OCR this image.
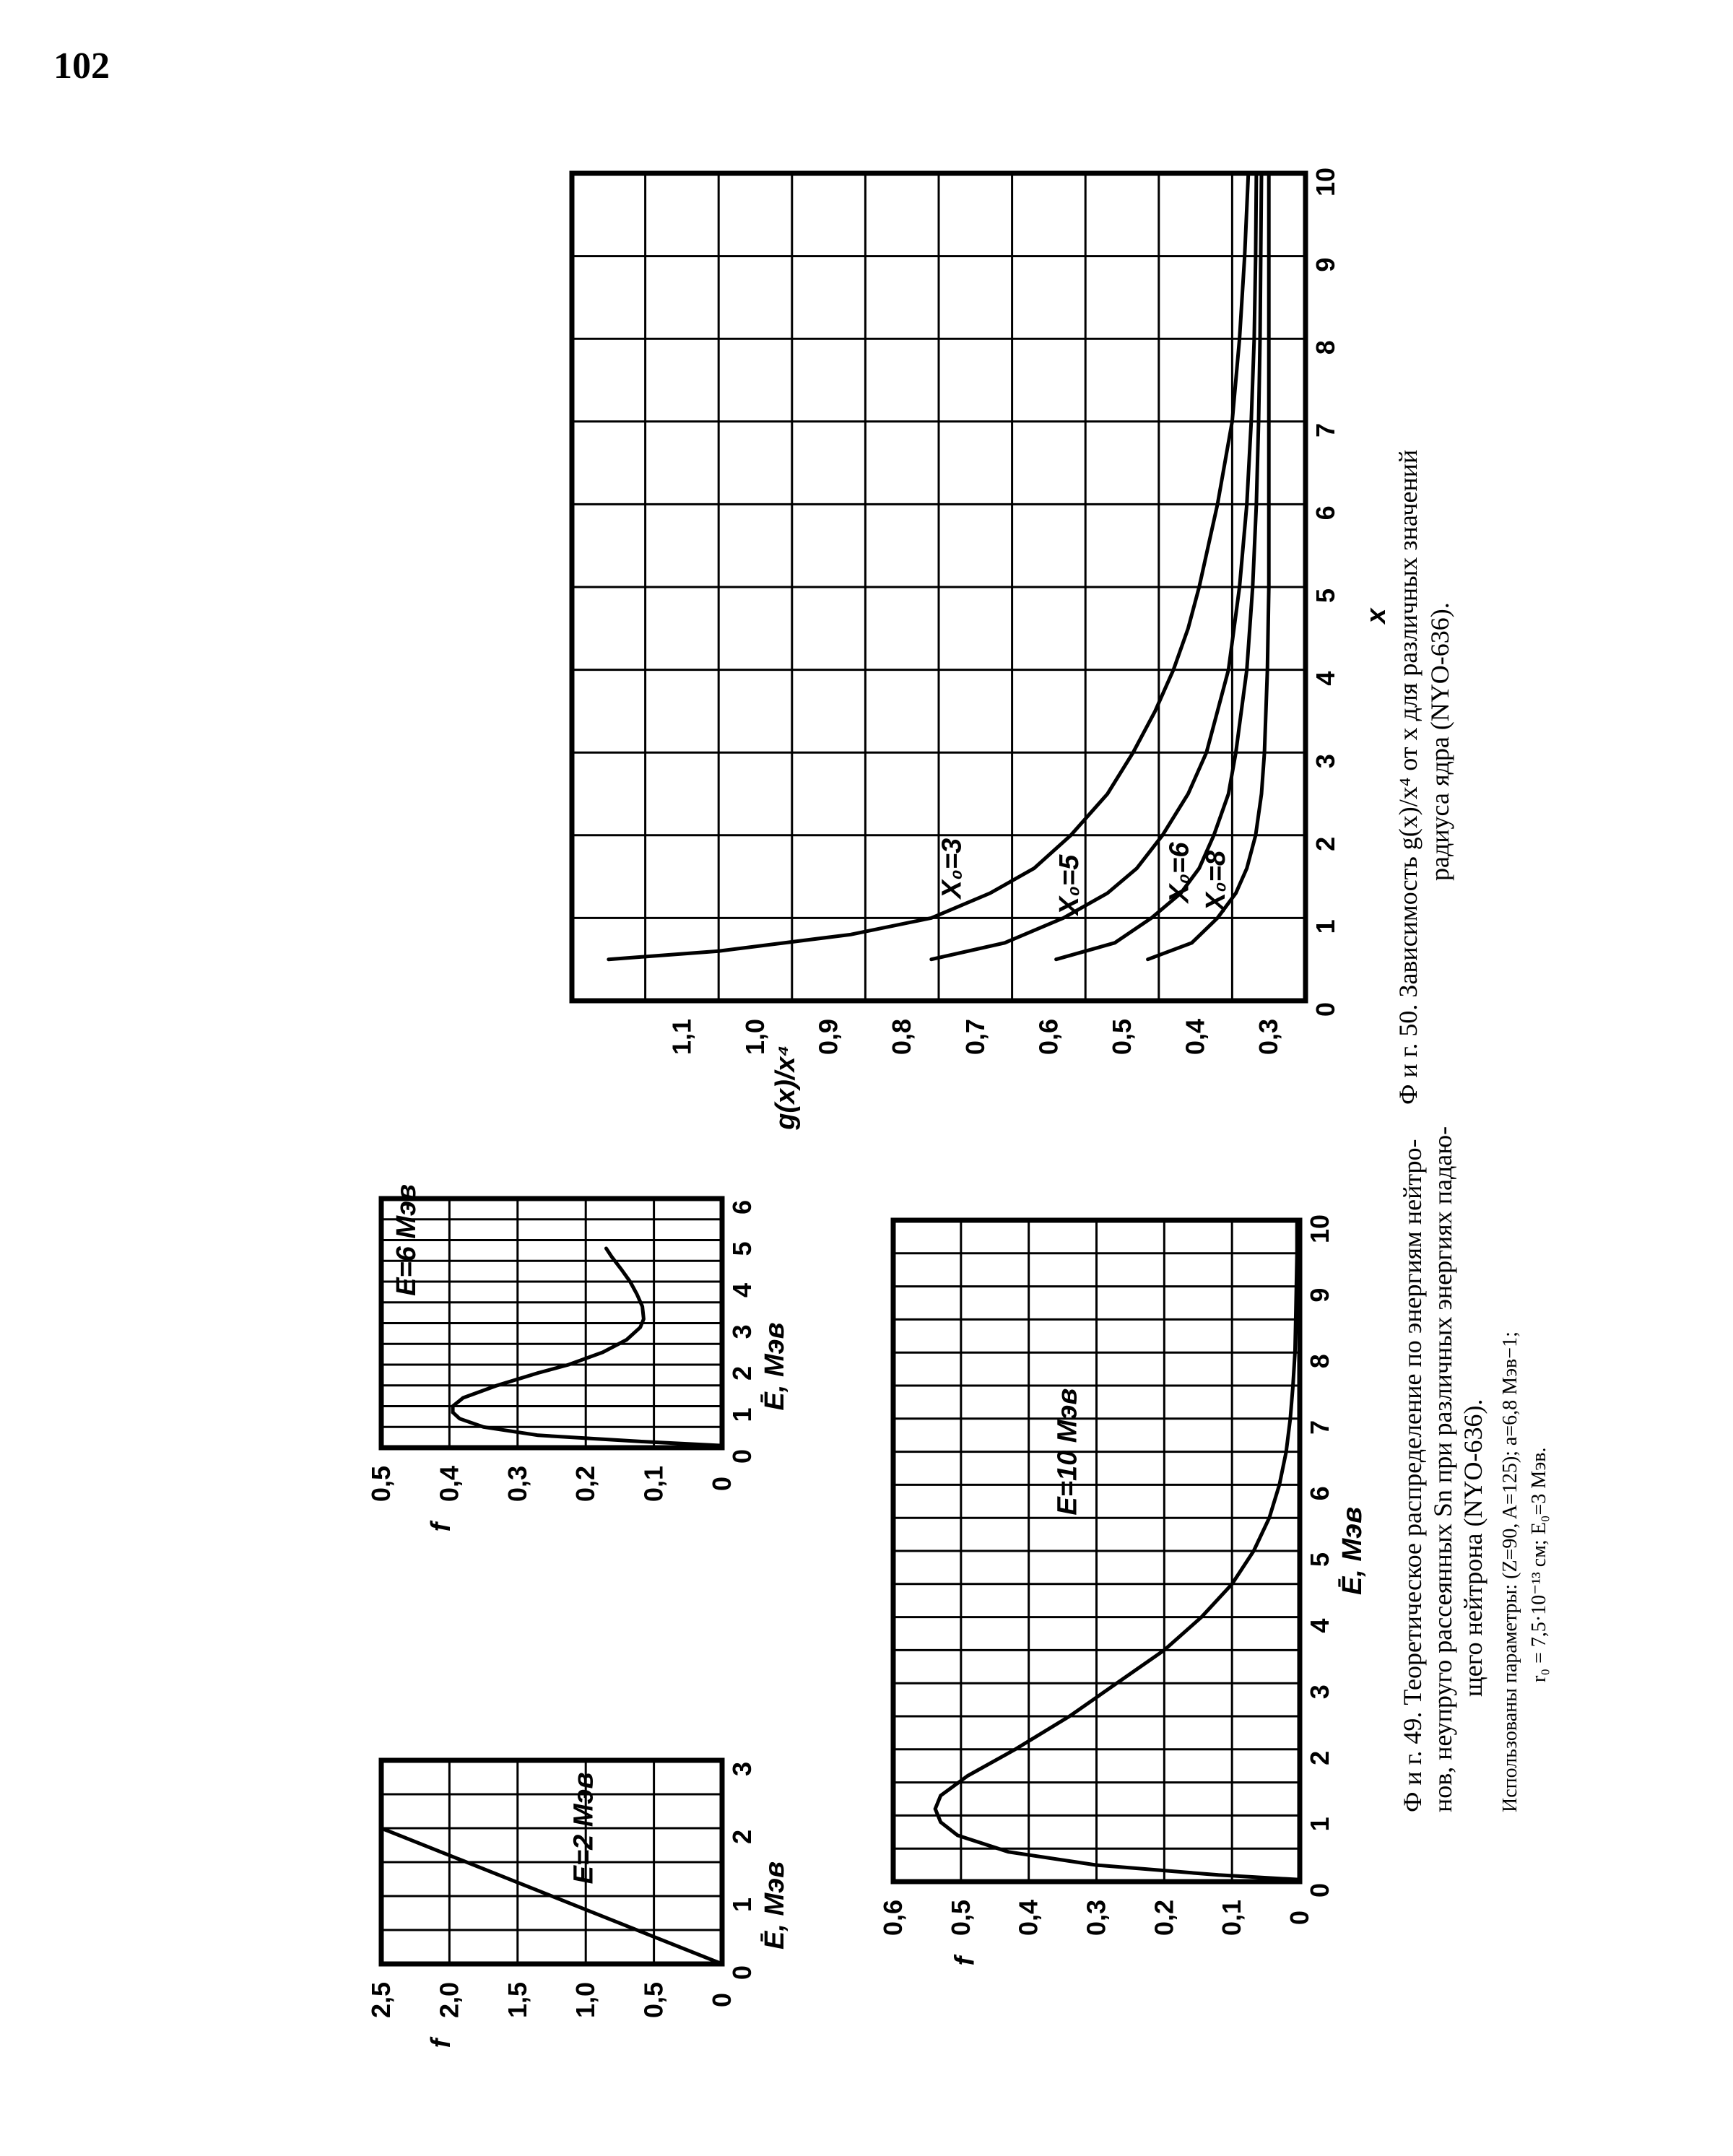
102
Ф и г. 49. Теоретическое распределение по энергиям нейтро- нов, неупруго рассеянных Sn при различных энергиях падаю- щего нейтрона (NYO-636). Использованы параметры: (Z=90, A=125); a=6,8 Мэв−1; r₀ = 7,5·10⁻¹³ см; E₀=3 Мэв.
Ф и г. 50. Зависимость g(x)/x⁴ от x для различных значений радиуса ядра (NYO-636).
0
1
2
3
0
0,5
1,0
1,5
2,0
2,5
Ē, Мэв
f
E=2 Мэв
0
1
2
3
4
5
6
0
0,1
0,2
0,3
0,4
0,5
Ē, Мэв
f
E=6 Мэв
0
1
2
3
4
5
6
7
8
9
10
0
0,1
0,2
0,3
0,4
0,5
0,6
Ē, Мэв
f
E=10 Мэв
0
1
2
3
4
5
6
7
8
9
10
0,3
0,4
0,5
0,6
0,7
0,8
0,9
1,0
1,1
x
g(x)/x⁴
X₀=3	X₀=5	X₀=6 X₀=8
